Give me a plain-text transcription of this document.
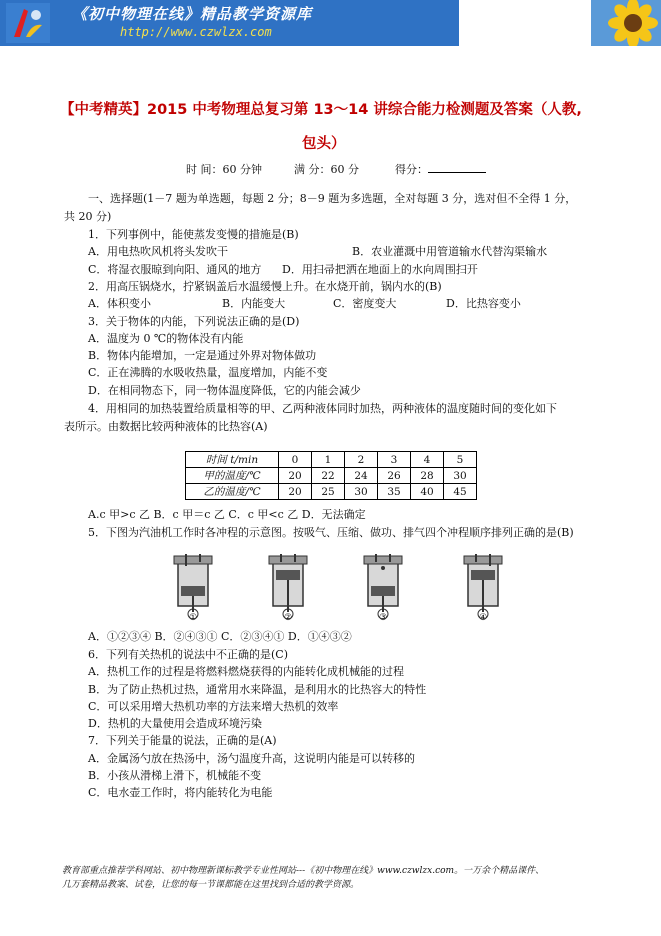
《初中物理在线》精品教学资源库
http://www.czwlzx.com
【中考精英】2015 中考物理总复习第 13～14 讲综合能力检测题及答案（人教,
包头）
时 间：60 分钟	满 分：60 分	得分：
一、选择题(1－7 题为单选题，每题 2 分；8－9 题为多选题，全对每题 3 分，选对但不全得 1 分，
共 20 分)
1．下列事例中，能使蒸发变慢的措施是(B)
A．用电热吹风机将头发吹干	B．农业灌溉中用管道输水代替沟渠输水
C．将湿衣服晾到向阳、通风的地方 D．用扫帚把洒在地面上的水向周围扫开
2．用高压锅烧水，拧紧锅盖后水温缓慢上升。在水烧开前，锅内水的(B)
A．体积变小	B．内能变大	C．密度变大	D．比热容变小
3．关于物体的内能，下列说法正确的是(D)
A．温度为 0 ℃的物体没有内能
B．物体内能增加，一定是通过外界对物体做功
C．正在沸腾的水吸收热量，温度增加，内能不变
D．在相同物态下，同一物体温度降低，它的内能会减少
4．用相同的加热装置给质量相等的甲、乙两种液体同时加热，两种液体的温度随时间的变化如下
表所示。由数据比较两种液体的比热容(A)
时间 t/min	0	1	2	3	4	5
甲的温度/℃	20	22	24	26	28	30
乙的温度/℃	20	25	30	35	40	45
A.c 甲>c 乙 B．c 甲＝c 乙 C．c 甲<c 乙 D．无法确定
5．下图为汽油机工作时各冲程的示意图。按吸气、压缩、做功、排气四个冲程顺序排列正确的是(B)
①	②	③	④
A．①②③④ B．②④③① C．②③④① D．①④③②
6．下列有关热机的说法中不正确的是(C)
A．热机工作的过程是将燃料燃烧获得的内能转化成机械能的过程
B．为了防止热机过热，通常用水来降温，是利用水的比热容大的特性
C．可以采用增大热机功率的方法来增大热机的效率
D．热机的大量使用会造成环境污染
7．下列关于能量的说法，正确的是(A)
A．金属汤勺放在热汤中，汤勺温度升高，这说明内能是可以转移的
B．小孩从滑梯上滑下，机械能不变
C．电水壶工作时，将内能转化为电能
教育部重点推荐学科网站、初中物理新课标教学专业性网站---《初中物理在线》www.czwlzx.com。一万余个精品课件、
几万套精品教案、试卷，让您的每一节课都能在这里找到合适的教学资源。
